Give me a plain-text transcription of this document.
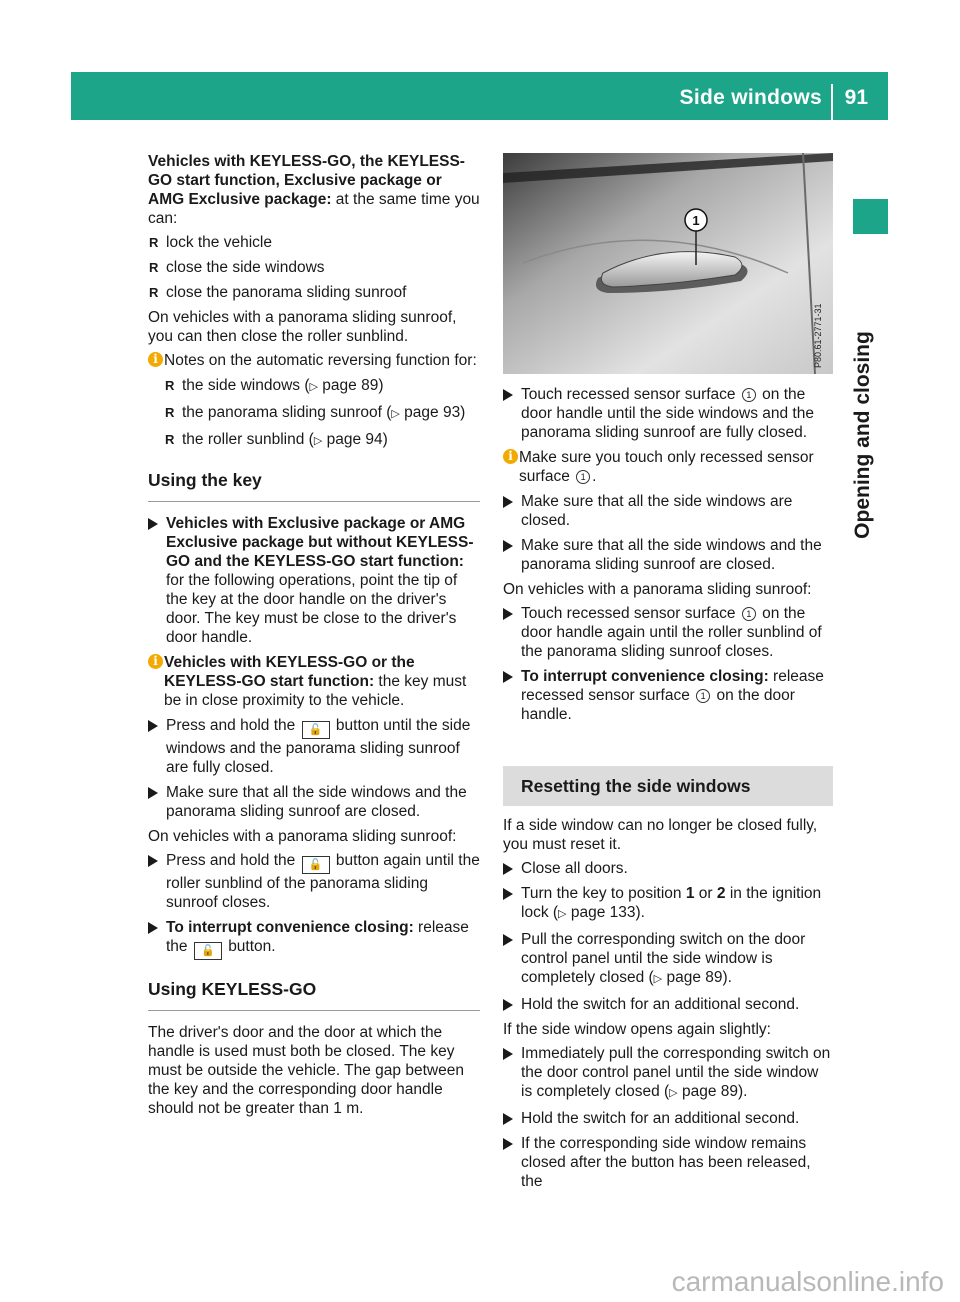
Side windows 91
Opening and closing

Vehicles with KEYLESS-GO, the KEYLESS-GO start function, Exclusive package or AMG Exclusive package: at the same time you can:

R lock the vehicle
R close the side windows
R close the panorama sliding sunroof

On vehicles with a panorama sliding sunroof, you can then close the roller sunblind.

i Notes on the automatic reversing function for:
R the side windows (▷ page 89)
R the panorama sliding sunroof (▷ page 93)
R the roller sunblind (▷ page 94)
Using the key
Vehicles with Exclusive package or AMG Exclusive package but without KEYLESS-GO and the KEYLESS-GO start function: for the following operations, point the tip of the key at the door handle on the driver's door. The key must be close to the driver's door handle.
i Vehicles with KEYLESS-GO or the KEYLESS-GO start function: the key must be in close proximity to the vehicle.
Press and hold the 🔓 button until the side windows and the panorama sliding sunroof are fully closed.
Make sure that all the side windows and the panorama sliding sunroof are closed.

On vehicles with a panorama sliding sunroof:

Press and hold the 🔓 button again until the roller sunblind of the panorama sliding sunroof closes.
To interrupt convenience closing: release the 🔓 button.
Using KEYLESS-GO

The driver's door and the door at which the handle is used must both be closed. The key must be outside the vehicle. The gap between the key and the corresponding door handle should not be greater than 1 m.

1
P80.61-2771-31
Touch recessed sensor surface 1 on the door handle until the side windows and the panorama sliding sunroof are fully closed.
i Make sure you touch only recessed sensor surface 1 .
Make sure that all the side windows are closed.
Make sure that all the side windows and the panorama sliding sunroof are closed.

On vehicles with a panorama sliding sunroof:

Touch recessed sensor surface 1 on the door handle again until the roller sunblind of the panorama sliding sunroof closes.
To interrupt convenience closing: release recessed sensor surface 1 on the door handle.
Resetting the side windows

If a side window can no longer be closed fully, you must reset it.

Close all doors.
Turn the key to position 1 or 2 in the ignition lock (▷ page 133).
Pull the corresponding switch on the door control panel until the side window is completely closed (▷ page 89).
Hold the switch for an additional second.

If the side window opens again slightly:

Immediately pull the corresponding switch on the door control panel until the side window is completely closed (▷ page 89).
Hold the switch for an additional second.
If the corresponding side window remains closed after the button has been released, the
carmanualsonline.info
